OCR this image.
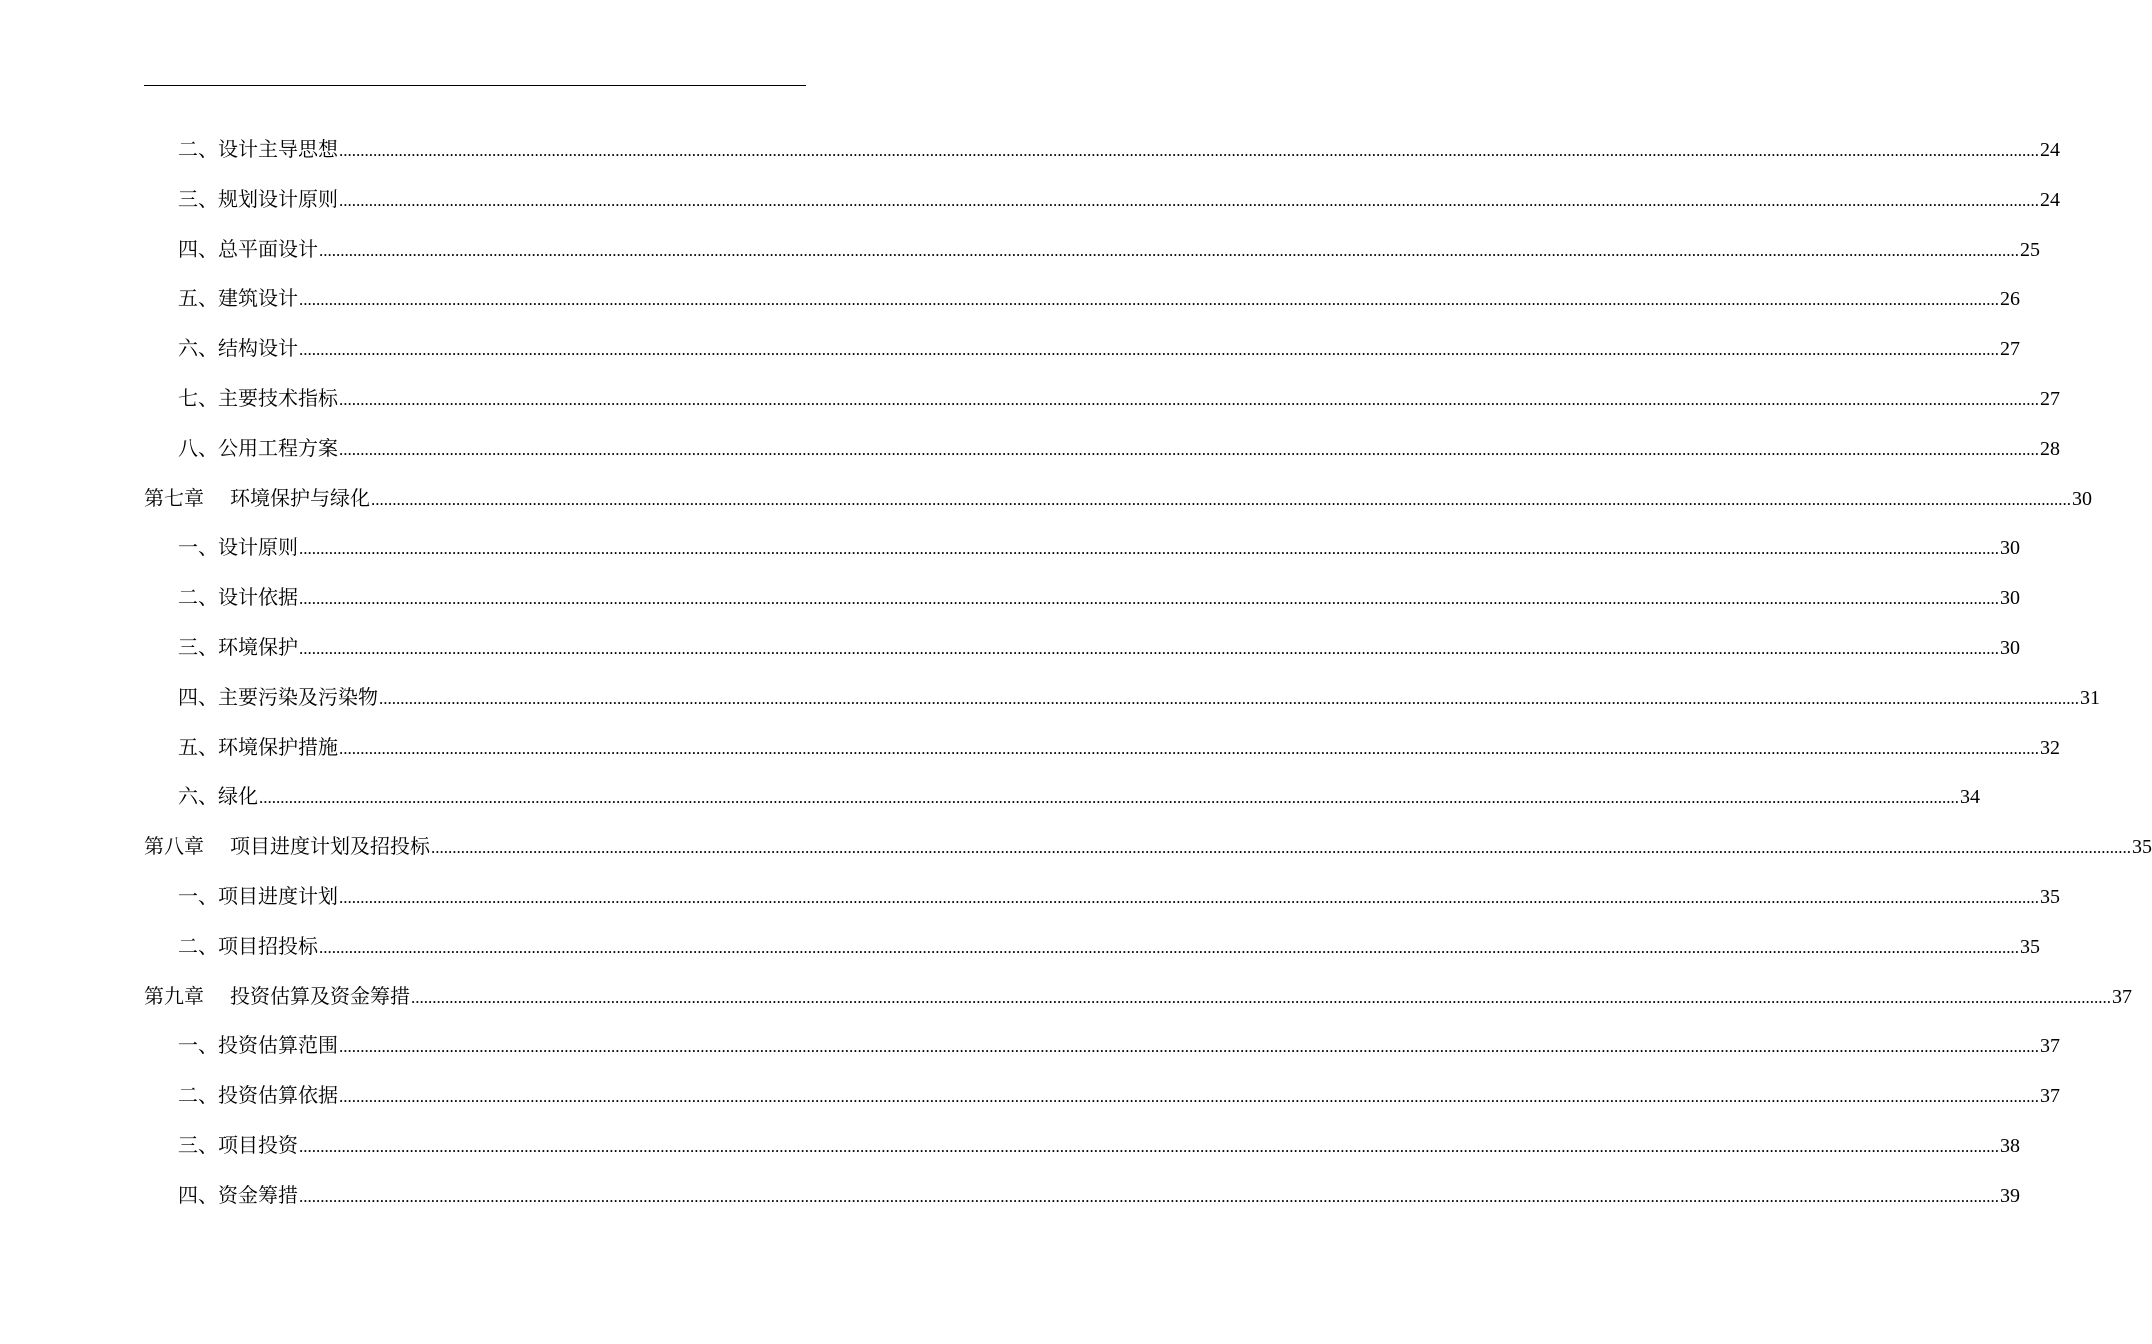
二、设计主导思想 ................................................................................................................................................................................................................................................................................................................................................................................................................ 24
三、规划设计原则 ................................................................................................................................................................................................................................................................................................................................................................................................................ 24
四、总平面设计 ................................................................................................................................................................................................................................................................................................................................................................................................................ 25
五、建筑设计 ................................................................................................................................................................................................................................................................................................................................................................................................................ 26
六、结构设计 ................................................................................................................................................................................................................................................................................................................................................................................................................ 27
七、主要技术指标 ................................................................................................................................................................................................................................................................................................................................................................................................................ 27
八、公用工程方案 ................................................................................................................................................................................................................................................................................................................................................................................................................ 28
第七章 环境保护与绿化 ................................................................................................................................................................................................................................................................................................................................................................................................................ 30
一、设计原则 ................................................................................................................................................................................................................................................................................................................................................................................................................ 30
二、设计依据 ................................................................................................................................................................................................................................................................................................................................................................................................................ 30
三、环境保护 ................................................................................................................................................................................................................................................................................................................................................................................................................ 30
四、主要污染及污染物 ................................................................................................................................................................................................................................................................................................................................................................................................................ 31
五、环境保护措施 ................................................................................................................................................................................................................................................................................................................................................................................................................ 32
六、绿化 ................................................................................................................................................................................................................................................................................................................................................................................................................ 34
第八章 项目进度计划及招投标 ................................................................................................................................................................................................................................................................................................................................................................................................................ 35
一、项目进度计划 ................................................................................................................................................................................................................................................................................................................................................................................................................ 35
二、项目招投标 ................................................................................................................................................................................................................................................................................................................................................................................................................ 35
第九章 投资估算及资金筹措 ................................................................................................................................................................................................................................................................................................................................................................................................................ 37
一、投资估算范围 ................................................................................................................................................................................................................................................................................................................................................................................................................ 37
二、投资估算依据 ................................................................................................................................................................................................................................................................................................................................................................................................................ 37
三、项目投资 ................................................................................................................................................................................................................................................................................................................................................................................................................ 38
四、资金筹措 ................................................................................................................................................................................................................................................................................................................................................................................................................ 39
